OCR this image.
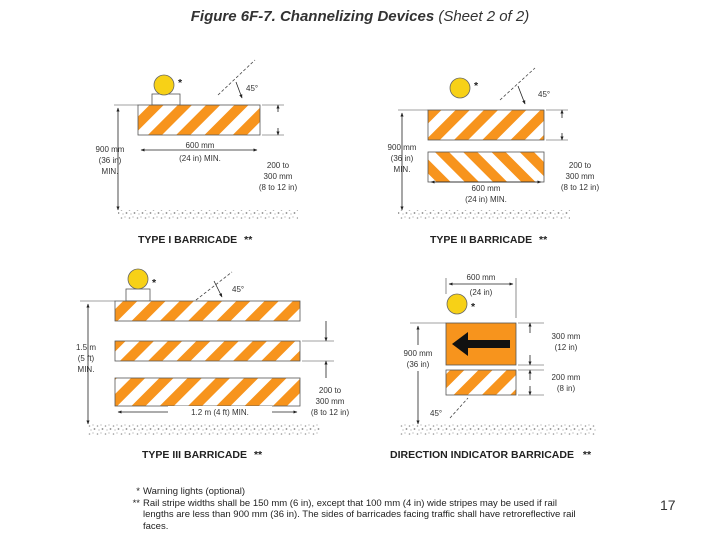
Figure 6F-7. Channelizing Devices (Sheet 2 of 2)
*	45°
900 mm
(36 in)
MIN.
600 mm
(24 in) MIN.
200 to
300 mm
(8 to 12 in)
TYPE I BARRICADE **
*
45°
900 mm
(36 in)
MIN.
600 mm
(24 in) MIN.
200 to
300 mm
(8 to 12 in)
TYPE II BARRICADE **
*
45°
1.5 m
(5 ft)
MIN.
1.2 m (4 ft) MIN.
200 to
300 mm
(8 to 12 in)
TYPE III BARRICADE **
600 mm
(24 in)
*
900 mm
(36 in)
300 mm
(12 in)
200 mm
(8 in)
45°
DIRECTION INDICATOR BARRICADE **
* Warning lights (optional)
** Rail stripe widths shall be 150 mm (6 in), except that 100 mm (4 in) wide stripes may be used if rail lengths are less than 900 mm (36 in). The sides of barricades facing traffic shall have retroreflective rail faces.
17
